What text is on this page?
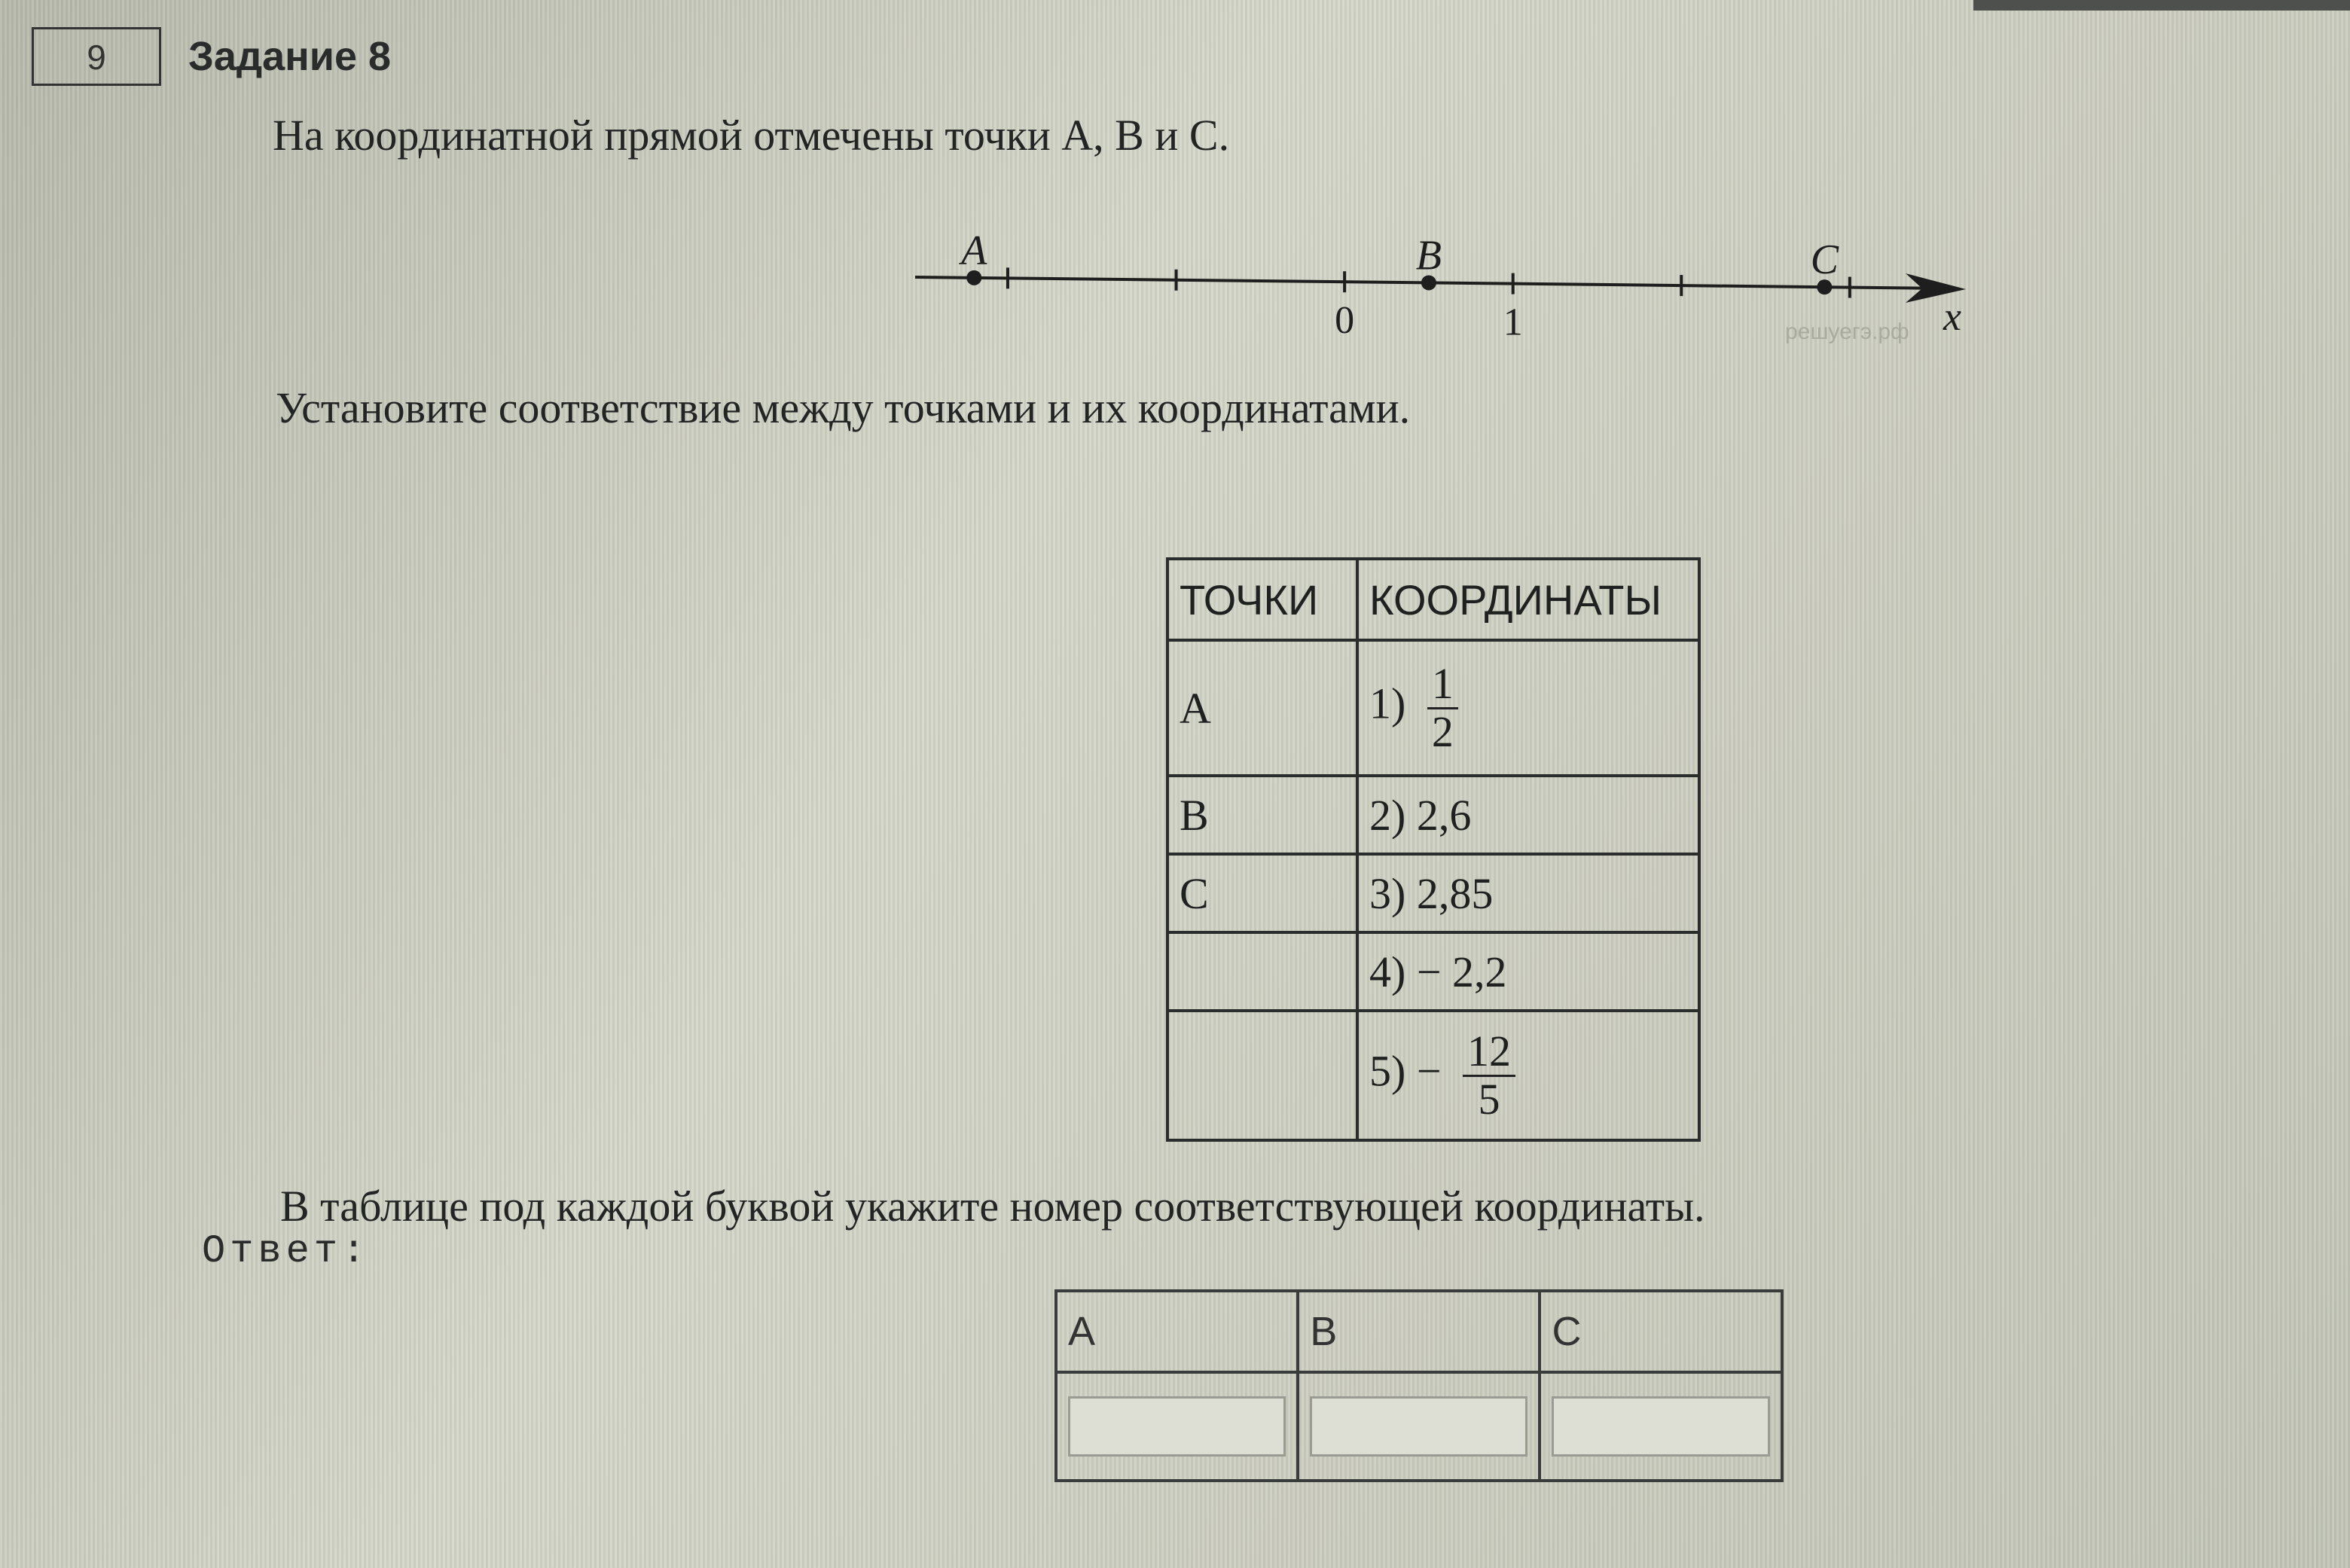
9	Задание 8
На координатной прямой отмечены точки A, B и C.
x
решуегэ.рф
0	1
A	B	C
Установите соответствие между точками и их координатами.
ТОЧКИ	КООРДИНАТЫ
A	$1) \frac{1}{2}$

B	2) 2,6
C	3) 2,85
	4) − 2,2
	$5) - \frac{12}{5}$
В таблице под каждой буквой укажите номер соответствующей координаты.
Ответ:
A	B	C
